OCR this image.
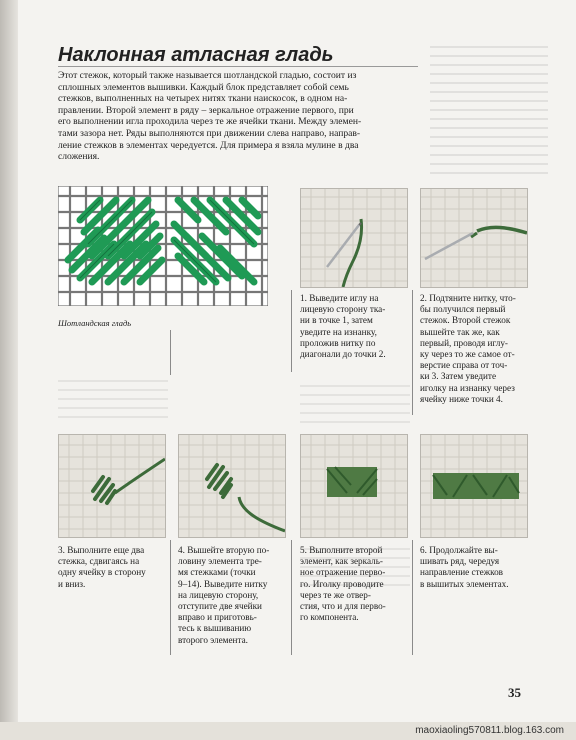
Наклонная атласная гладь
Этот стежок, который также называется шотландской гладью, состоит из
сплошных элементов вышивки. Каждый блок представляет собой семь
стежков, выполненных на четырех нитях ткани наискосок, в одном на-
правлении. Второй элемент в ряду – зеркальное отражение первого, при
его выполнении игла проходила через те же ячейки ткани. Между элемен-
тами зазора нет. Ряды выполняются при движении слева направо, направ-
ление стежков в элементах чередуется. Для примера я взяла мулине в два
сложения.
Шотландская гладь
1. Выведите иглу на
лицевую сторону тка-
ни в точке 1, затем
уведите на изнанку,
проложив нитку по
диагонали до точки 2.
2. Подтяните нитку, что-
бы получился первый
стежок. Второй стежок
вышейте так же, как
первый, проводя иглу-
ку через то же самое от-
верстие справа от точ-
ки 3. Затем уведите
иголку на изнанку через
ячейку ниже точки 4.
3. Выполните еще два
стежка, сдвигаясь на
одну ячейку в сторону
и вниз.
4. Вышейте вторую по-
ловину элемента тре-
мя стежками (точки
9–14). Выведите нитку
на лицевую сторону,
отступите две ячейки
вправо и приготовь-
тесь к вышиванию
второго элемента.
5. Выполните второй
элемент, как зеркаль-
ное отражение перво-
го. Иголку проводите
через те же отвер-
стия, что и для перво-
го компонента.
6. Продолжайте вы-
шивать ряд, чередуя
направление стежков
в вышитых элементах.
35
maoxiaoling570811.blog.163.com
